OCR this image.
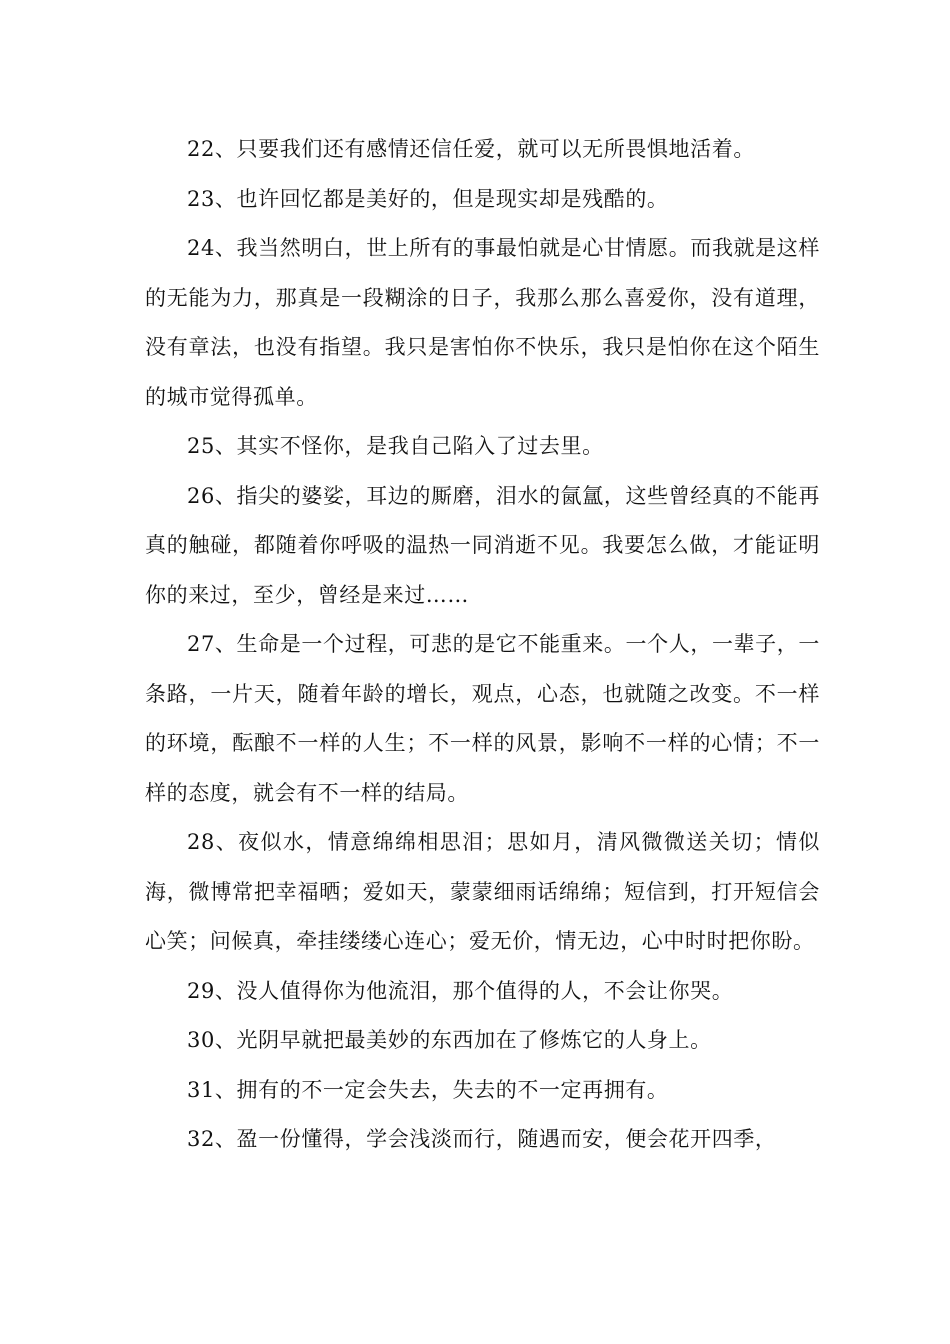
22、只要我们还有感情还信任爱，就可以无所畏惧地活着。

23、也许回忆都是美好的，但是现实却是残酷的。

24、我当然明白，世上所有的事最怕就是心甘情愿。而我就是这样的无能为力，那真是一段糊涂的日子，我那么那么喜爱你，没有道理，没有章法，也没有指望。我只是害怕你不快乐，我只是怕你在这个陌生的城市觉得孤单。

25、其实不怪你，是我自己陷入了过去里。

26、指尖的婆娑，耳边的厮磨，泪水的氤氲，这些曾经真的不能再真的触碰，都随着你呼吸的温热一同消逝不见。我要怎么做，才能证明你的来过，至少，曾经是来过……

27、生命是一个过程，可悲的是它不能重来。一个人，一辈子，一条路，一片天，随着年龄的增长，观点，心态，也就随之改变。不一样的环境，酝酿不一样的人生；不一样的风景，影响不一样的心情；不一样的态度，就会有不一样的结局。

28、夜似水，情意绵绵相思泪；思如月，清风微微送关切；情似海，微博常把幸福晒；爱如天，蒙蒙细雨话绵绵；短信到，打开短信会心笑；问候真，牵挂缕缕心连心；爱无价，情无边，心中时时把你盼。

29、没人值得你为他流泪，那个值得的人，不会让你哭。

30、光阴早就把最美妙的东西加在了修炼它的人身上。

31、拥有的不一定会失去，失去的不一定再拥有。

32、盈一份懂得，学会浅淡而行，随遇而安，便会花开四季，
